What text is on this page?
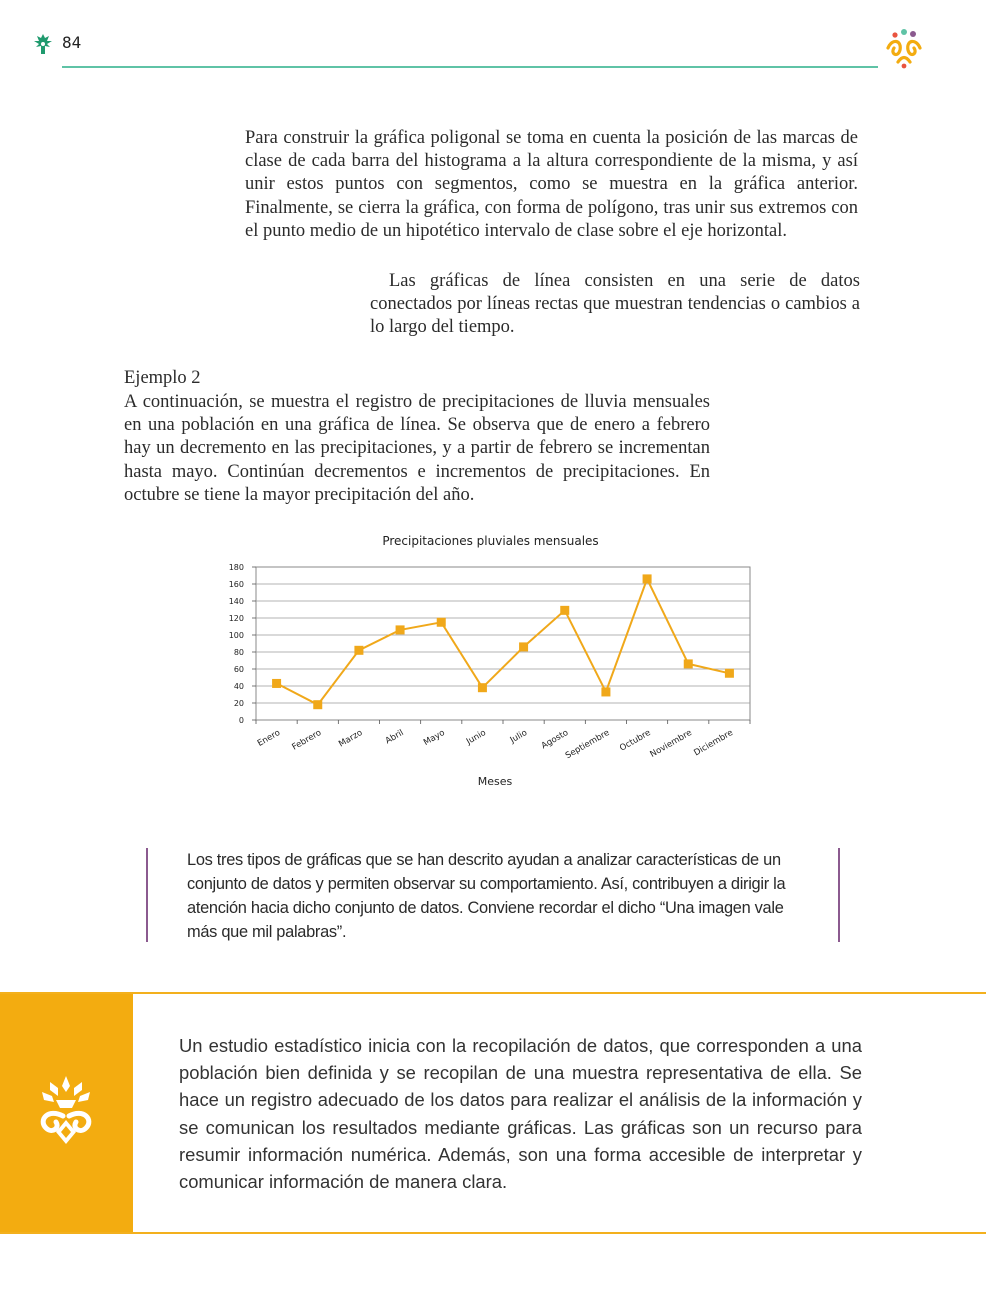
84

Para construir la gráfica poligonal se toma en cuenta la posición de las marcas de clase de cada barra del histograma a la altura correspondiente de la misma, y así unir estos puntos con segmentos, como se muestra en la gráfica anterior. Finalmente, se cierra la gráfica, con forma de polígono, tras unir sus extremos con el punto medio de un hipotético intervalo de clase sobre el eje horizontal.

Las gráficas de línea consisten en una serie de datos conectados por líneas rectas que muestran tendencias o cambios a lo largo del tiempo.

Ejemplo 2

A continuación, se muestra el registro de precipitaciones de lluvia mensuales en una población en una gráfica de línea. Se observa que de enero a febrero hay un decremento en las precipitaciones, y a partir de febrero se incrementan hasta mayo. Continúan decrementos e incrementos de precipitaciones. En octubre se tiene la mayor precipitación del año.

Precipitaciones pluviales mensuales
0
20
40
60
80
100
120
140
160
180
Enero Febrero Marzo Abril Mayo Junio Julio Agosto
Septiembre Octubre
Noviembre
Diciembre
Meses

Los tres tipos de gráficas que se han descrito ayudan a analizar características de un conjunto de datos y permiten observar su comportamiento. Así, contribuyen a dirigir la atención hacia dicho conjunto de datos. Conviene recordar el dicho “Una imagen vale más que mil palabras”.

Un estudio estadístico inicia con la recopilación de datos, que corresponden a una población bien definida y se recopilan de una muestra representativa de ella. Se hace un registro adecuado de los datos para realizar el análisis de la información y se comunican los resultados mediante gráficas. Las gráficas son un recurso para resumir información numérica. Además, son una forma accesible de interpretar y comunicar información de manera clara.
